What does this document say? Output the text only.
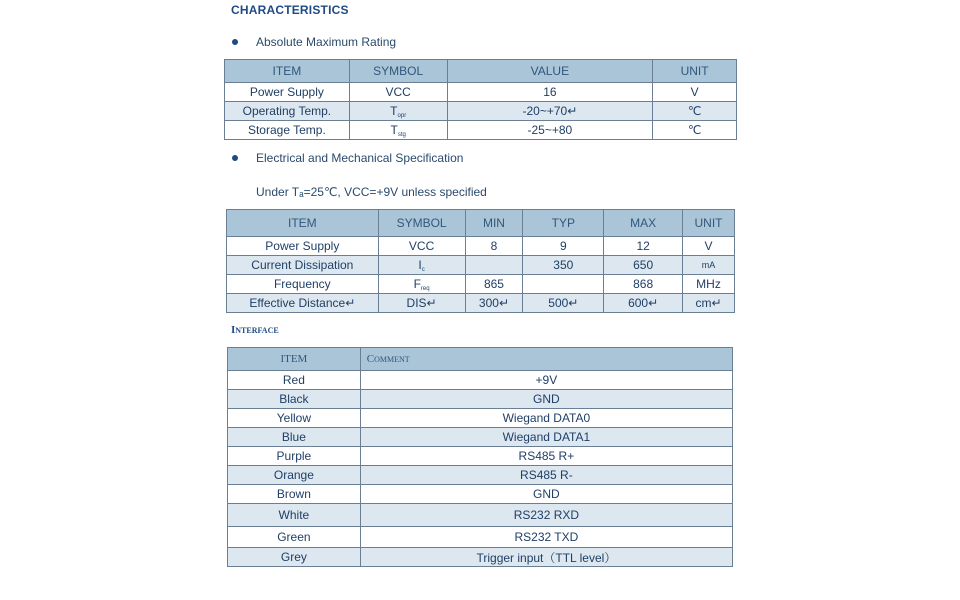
CHARACTERISTICS
Absolute Maximum Rating
ITEM	SYMBOL	VALUE	UNIT
Power Supply	VCC	16	V
Operating Temp.	Topr	-20~+70↵	℃
Storage Temp.	Tstg	-25~+80	℃
Electrical and Mechanical Specification
Under Tₐ=25℃, VCC=+9V unless specified
ITEM	SYMBOL	MIN	TYP	MAX	UNIT
Power Supply	VCC	8	9	12	V
Current Dissipation	Ic		350	650	mA
Frequency	Freq	865		868	MHz
Effective Distance↵	DIS↵	300↵	500↵	600↵	cm↵
Interface
ITEM	Comment
Red	+9V
Black	GND
Yellow	Wiegand DATA0
Blue	Wiegand DATA1
Purple	RS485 R+
Orange	RS485 R-
Brown	GND
White	RS232 RXD
Green	RS232 TXD
Grey	Trigger input（TTL level）
